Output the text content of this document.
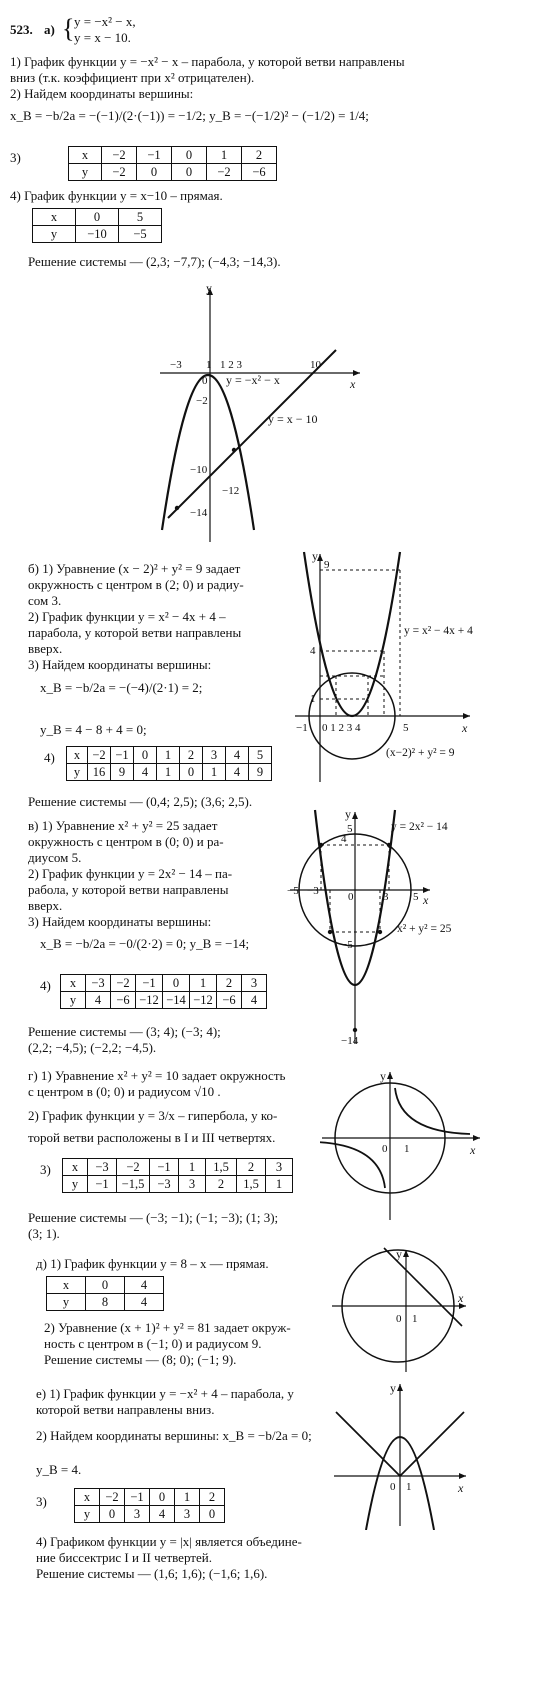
523. а) { y = −x² − x,
y = x − 10.
1) График функции y = −x² − x – парабола, у которой ветви направлены
вниз (т.к. коэффициент при x² отрицателен).
2) Найдем координаты вершины:
x_B = −b/2a = −(−1)/(2·(−1)) = −1/2; y_B = −(−1/2)² − (−1/2) = 1/4;
3)	x	−2	−1	0	1	2
y	−2	0	0	−2	−6
4) График функции y = x−10 – прямая.
x	0	5
y	−10	−5
Решение системы — (2,3; −7,7); (−4,3; −14,3).
y
x
−3 1 1 2 3	10
0
−2
−10
−12
−14
y = −x² − x
y = x − 10
б) 1) Уравнение (x − 2)² + y² = 9 задает
окружность с центром в (2; 0) и радиу-
сом 3.
2) График функции y = x² − 4x + 4 –
парабола, у которой ветви направлены
вверх.
3) Найдем координаты вершины:
x_B = −b/2a = −(−4)/(2·1) = 2;
y_B = 4 − 8 + 4 = 0;
4) x	−2	−1	0	1	2	3	4	5
y	16	9	4	1	0	1	4	9
Решение системы — (0,4; 2,5); (3,6; 2,5).
y
x
9
4
1
−1 0 1 2 3 4	5
y = x² − 4x + 4
(x−2)² + y² = 9
в) 1) Уравнение x² + y² = 25 задает
окружность с центром в (0; 0) и ра-
диусом 5.
2) График функции y = 2x² − 14 – па-
рабола, у которой ветви направлены
вверх.
3) Найдем координаты вершины:
x_B = −b/2a = −0/(2·2) = 0; y_B = −14;
4) x	−3	−2	−1	0	1	2	3
y	4	−6	−12	−14	−12	−6	4
Решение системы — (3; 4); (−3; 4);
(2,2; −4,5); (−2,2; −4,5).
y
x
5
4
−5 −3	0	3 5
−5
−14
y = 2x² − 14
x² + y² = 25
г) 1) Уравнение x² + y² = 10 задает окружность
с центром в (0; 0) и радиусом √10 .
2) График функции y = 3/x – гипербола, у ко-
торой ветви расположены в I и III четвертях.
3) x	−3	−2	−1	1	1,5	2	3
y	−1	−1,5	−3	3	2	1,5	1
Решение системы — (−3; −1); (−1; −3); (1; 3);
(3; 1).
y
x
0 1
д) 1) График функции y = 8 – x — прямая.
x	0	4
y	8	4
2) Уравнение (x + 1)² + y² = 81 задает окруж-
ность с центром в (−1; 0) и радиусом 9.
Решение системы — (8; 0); (−1; 9).
y
x
0 1
е) 1) График функции y = −x² + 4 – парабола, у
которой ветви направлены вниз.
2) Найдем координаты вершины: x_B = −b/2a = 0;
y_B = 4.
3)	x	−2	−1	0	1	2
y	0	3	4	3	0
4) Графиком функции y = |x| является объедине-
ние биссектрис I и II четвертей.
Решение системы — (1,6; 1,6); (−1,6; 1,6).
y
x
0 1
